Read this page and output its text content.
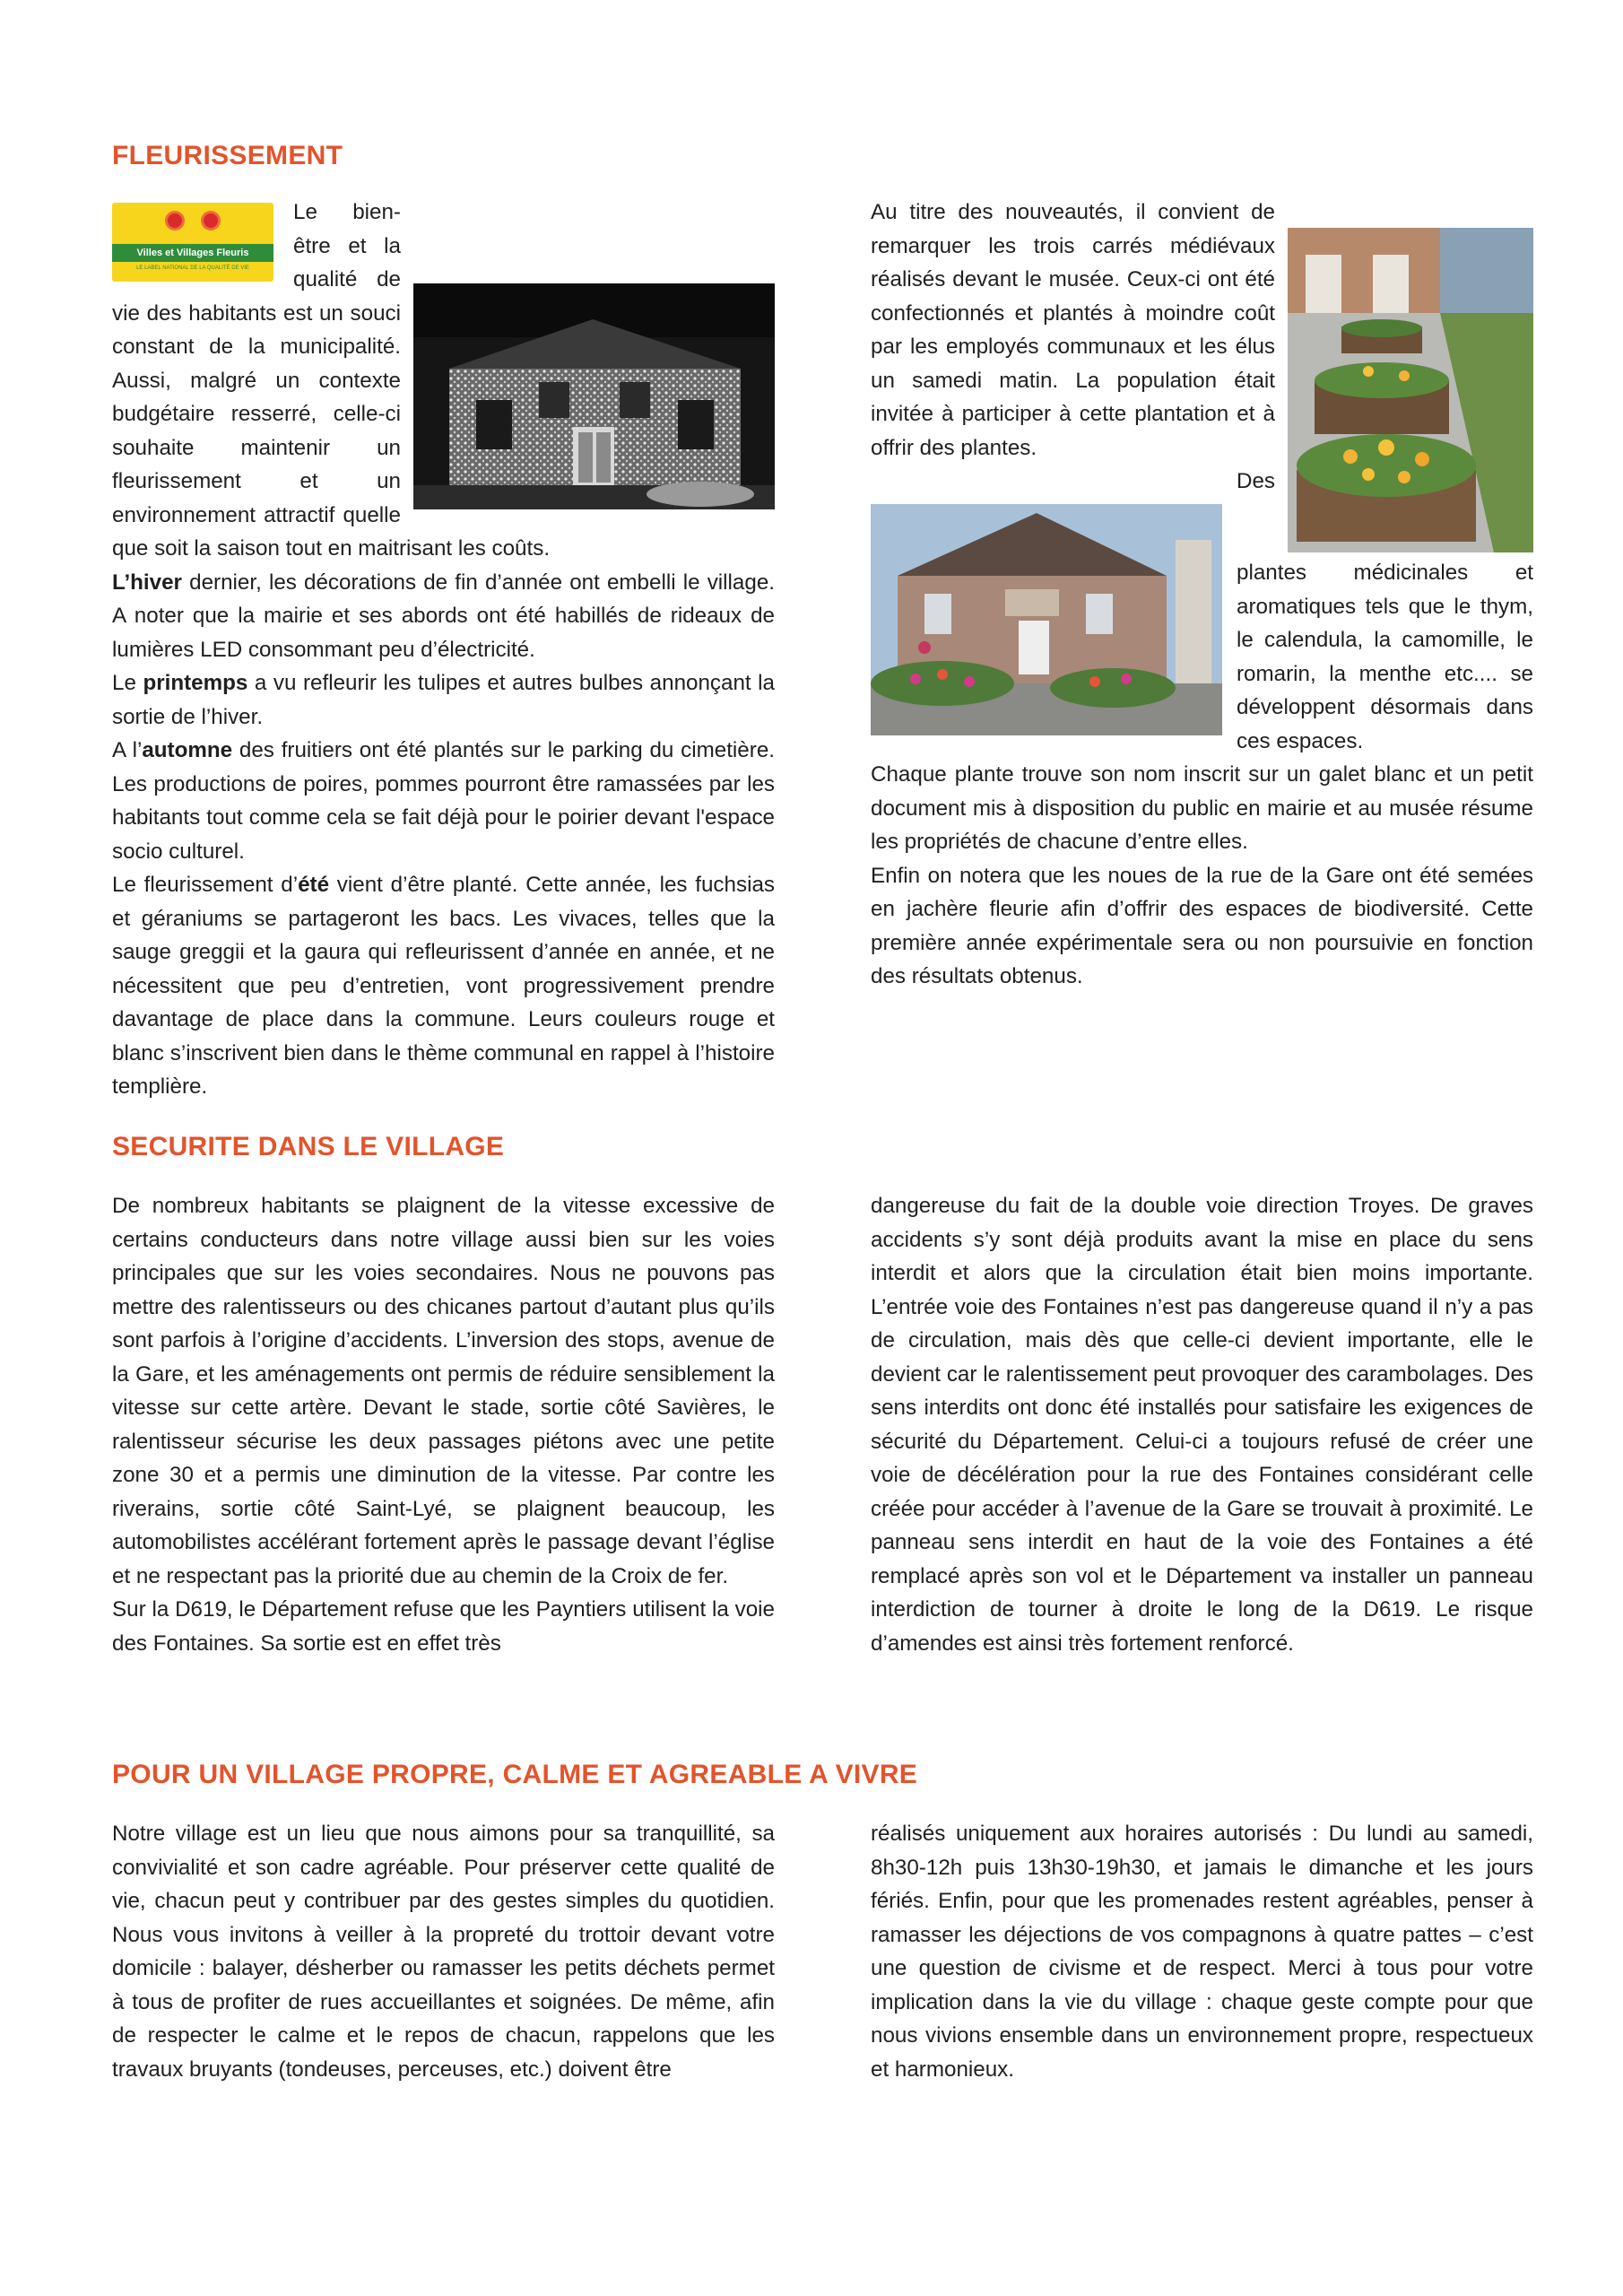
FLEURISSEMENT
Villes et Villages Fleuris
LE LABEL NATIONAL DE LA QUALITÉ DE VIE

Le bien-être et la qualité de vie des habitants est un souci constant de la municipalité. Aussi, malgré un contexte budgétaire resserré, celle-ci souhaite maintenir un fleurissement et un environnement attractif quelle que soit la saison tout en maitrisant les coûts.

L’hiver dernier, les décorations de fin d’année ont embelli le village. A noter que la mairie et ses abords ont été habillés de rideaux de lumières LED consommant peu d’électricité.

Le printemps a vu refleurir les tulipes et autres bulbes annonçant la sortie de l’hiver.

A l’automne des fruitiers ont été plantés sur le parking du cimetière. Les productions de poires, pommes pourront être ramassées par les habitants tout comme cela se fait déjà pour le poirier devant l'espace socio culturel.

Le fleurissement d’été vient d’être planté. Cette année, les fuchsias et géraniums se partageront les bacs. Les vivaces, telles que la sauge greggii et la gaura qui refleurissent d’année en année, et ne nécessitent que peu d’entretien, vont progressivement prendre davantage de place dans la commune. Leurs couleurs rouge et blanc s’inscrivent bien dans le thème communal en rappel à l’histoire templière.

Au titre des nouveautés, il convient de remarquer les trois carrés médiévaux réalisés devant le musée. Ceux-ci ont été confectionnés et plantés à moindre coût par les employés communaux et les élus un samedi matin. La population était invitée à participer à cette plantation et à offrir des plantes.

Des plantes médicinales et aromatiques tels que le thym, le calendula, la camomille, le romarin, la menthe etc.... se développent désormais dans ces espaces.

Chaque plante trouve son nom inscrit sur un galet blanc et un petit document mis à disposition du public en mairie et au musée résume les propriétés de chacune d’entre elles.

Enfin on notera que les noues de la rue de la Gare ont été semées en jachère fleurie afin d’offrir des espaces de biodiversité. Cette première année expérimentale sera ou non poursuivie en fonction des résultats obtenus.

SECURITE DANS LE VILLAGE

De nombreux habitants se plaignent de la vitesse excessive de certains conducteurs dans notre village aussi bien sur les voies principales que sur les voies secondaires. Nous ne pouvons pas mettre des ralentisseurs ou des chicanes partout d’autant plus qu’ils sont parfois à l’origine d’accidents. L’inversion des stops, avenue de la Gare, et les aménagements ont permis de réduire sensiblement la vitesse sur cette artère. Devant le stade, sortie côté Savières, le ralentisseur sécurise les deux passages piétons avec une petite zone 30 et a permis une diminution de la vitesse. Par contre les riverains, sortie côté Saint-Lyé, se plaignent beaucoup, les automobilistes accélérant fortement après le passage devant l’église et ne respectant pas la priorité due au chemin de la Croix de fer.

Sur la D619, le Département refuse que les Payntiers utilisent la voie des Fontaines. Sa sortie est en effet très

dangereuse du fait de la double voie direction Troyes. De graves accidents s’y sont déjà produits avant la mise en place du sens interdit et alors que la circulation était bien moins importante. L’entrée voie des Fontaines n’est pas dangereuse quand il n’y a pas de circulation, mais dès que celle-ci devient importante, elle le devient car le ralentissement peut provoquer des carambolages. Des sens interdits ont donc été installés pour satisfaire les exigences de sécurité du Département. Celui-ci a toujours refusé de créer une voie de décélération pour la rue des Fontaines considérant celle créée pour accéder à l’avenue de la Gare se trouvait à proximité. Le panneau sens interdit en haut de la voie des Fontaines a été remplacé après son vol et le Département va installer un panneau interdiction de tourner à droite le long de la D619. Le risque d’amendes est ainsi très fortement renforcé.

POUR UN VILLAGE PROPRE, CALME ET AGREABLE A VIVRE

Notre village est un lieu que nous aimons pour sa tranquillité, sa convivialité et son cadre agréable. Pour préserver cette qualité de vie, chacun peut y contribuer par des gestes simples du quotidien. Nous vous invitons à veiller à la propreté du trottoir devant votre domicile : balayer, désherber ou ramasser les petits déchets permet à tous de profiter de rues accueillantes et soignées. De même, afin de respecter le calme et le repos de chacun, rappelons que les travaux bruyants (tondeuses, perceuses, etc.) doivent être

réalisés uniquement aux horaires autorisés : Du lundi au samedi, 8h30-12h puis 13h30-19h30, et jamais le dimanche et les jours fériés. Enfin, pour que les promenades restent agréables, penser à ramasser les déjections de vos compagnons à quatre pattes – c’est une question de civisme et de respect. Merci à tous pour votre implication dans la vie du village : chaque geste compte pour que nous vivions ensemble dans un environnement propre, respectueux et harmonieux.
